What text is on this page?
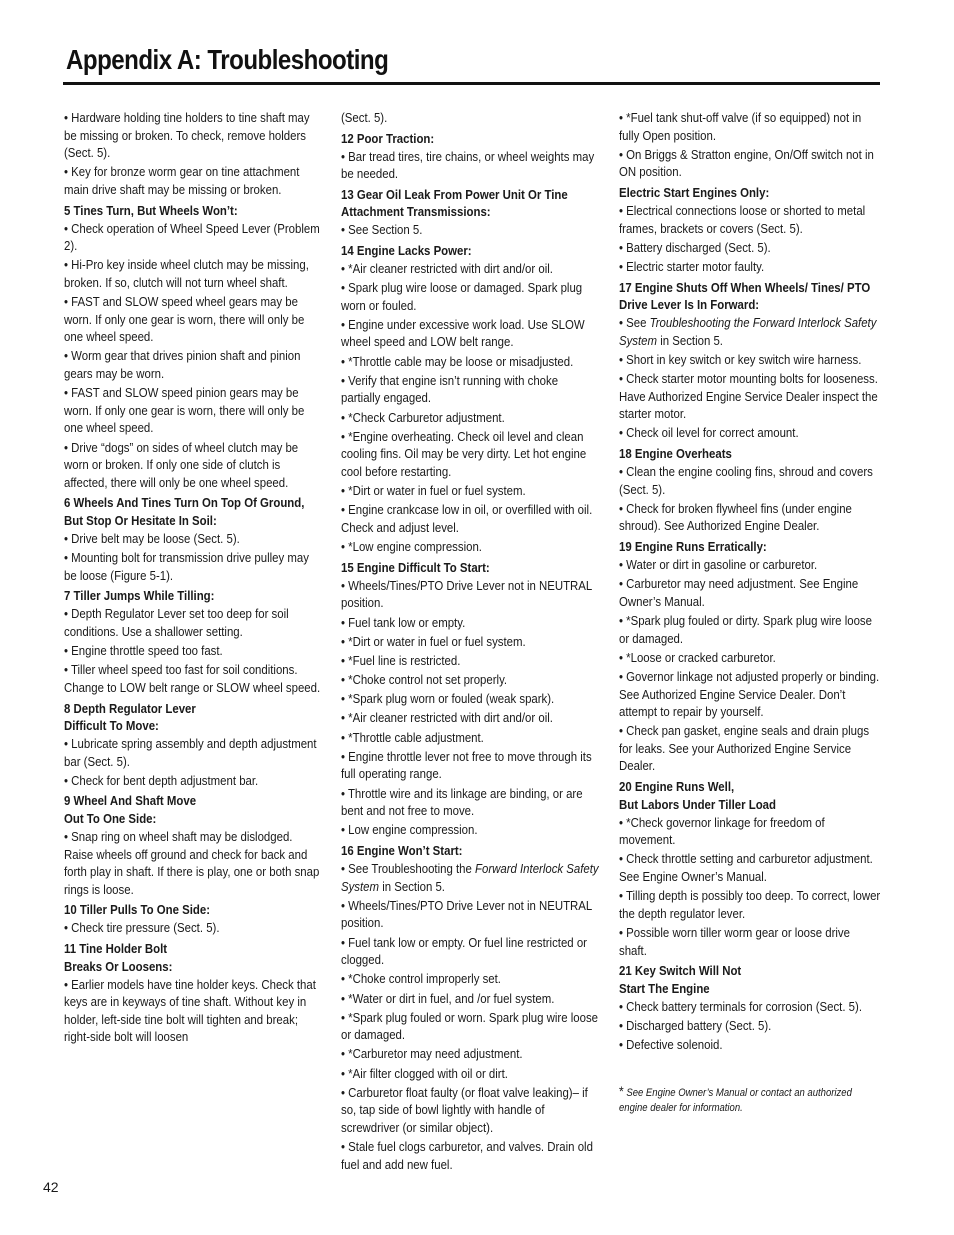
Appendix A: Troubleshooting

• Hardware holding tine holders to tine shaft may be missing or broken. To check, remove holders (Sect. 5).

• Key for bronze worm gear on tine attachment main drive shaft may be missing or broken.

5 Tines Turn, But Wheels Won’t:

• Check operation of Wheel Speed Lever (Problem 2).

• Hi-Pro key inside wheel clutch may be missing, broken. If so, clutch will not turn wheel shaft.

• FAST and SLOW speed wheel gears may be worn. If only one gear is worn, there will only be one wheel speed.

• Worm gear that drives pinion shaft and pinion gears may be worn.

• FAST and SLOW speed pinion gears may be worn. If only one gear is worn, there will only be one wheel speed.

• Drive “dogs” on sides of wheel clutch may be worn or broken. If only one side of clutch is affected, there will only be one wheel speed.

6 Wheels And Tines Turn On Top Of Ground, But Stop Or Hesitate In Soil:

• Drive belt may be loose (Sect. 5).

• Mounting bolt for transmission drive pulley may be loose (Figure 5-1).

7 Tiller Jumps While Tilling:

• Depth Regulator Lever set too deep for soil conditions. Use a shallower setting.

• Engine throttle speed too fast.

• Tiller wheel speed too fast for soil conditions. Change to LOW belt range or SLOW wheel speed.

8 Depth Regulator Lever

Difficult To Move:

• Lubricate spring assembly and depth adjustment bar (Sect. 5).

• Check for bent depth adjustment bar.

9 Wheel And Shaft Move

Out To One Side:

• Snap ring on wheel shaft may be dislodged. Raise wheels off ground and check for back and forth play in shaft. If there is play, one or both snap rings is loose.

10 Tiller Pulls To One Side:

• Check tire pressure (Sect. 5).

11 Tine Holder Bolt

Breaks Or Loosens:

• Earlier models have tine holder keys. Check that keys are in keyways of tine shaft. Without key in holder, left-side tine bolt will tighten and break; right-side bolt will loosen

(Sect. 5).

12 Poor Traction:

• Bar tread tires, tire chains, or wheel weights may be needed.

13 Gear Oil Leak From Power Unit Or Tine Attachment Transmissions:

• See Section 5.

14 Engine Lacks Power:

• *Air cleaner restricted with dirt and/or oil.

• Spark plug wire loose or damaged. Spark plug worn or fouled.

• Engine under excessive work load. Use SLOW wheel speed and LOW belt range.

• *Throttle cable may be loose or misadjusted.

• Verify that engine isn’t running with choke partially engaged.

• *Check Carburetor adjustment.

• *Engine overheating. Check oil level and clean cooling fins. Oil may be very dirty. Let hot engine cool before restarting.

• *Dirt or water in fuel or fuel system.

• Engine crankcase low in oil, or overfilled with oil. Check and adjust level.

• *Low engine compression.

15 Engine Difficult To Start:

• Wheels/Tines/PTO Drive Lever not in NEUTRAL position.

• Fuel tank low or empty.

• *Dirt or water in fuel or fuel system.

• *Fuel line is restricted.

• *Choke control not set properly.

• *Spark plug worn or fouled (weak spark).

• *Air cleaner restricted with dirt and/or oil.

• *Throttle cable adjustment.

• Engine throttle lever not free to move through its full operating range.

• Throttle wire and its linkage are binding, or are bent and not free to move.

• Low engine compression.

16 Engine Won’t Start:

• See Troubleshooting the Forward Interlock Safety System in Section 5.

• Wheels/Tines/PTO Drive Lever not in NEUTRAL position.

• Fuel tank low or empty. Or fuel line restricted or clogged.

• *Choke control improperly set.

• *Water or dirt in fuel, and /or fuel system.

• *Spark plug fouled or worn. Spark plug wire loose or damaged.

• *Carburetor may need adjustment.

• *Air filter clogged with oil or dirt.

• Carburetor float faulty (or float valve leaking)– if so, tap side of bowl lightly with handle of screwdriver (or similar object).

• Stale fuel clogs carburetor, and valves. Drain old fuel and add new fuel.

• *Fuel tank shut-off valve (if so equipped) not in fully Open position.

• On Briggs & Stratton engine, On/Off switch not in ON position.

Electric Start Engines Only:

• Electrical connections loose or shorted to metal frames, brackets or covers (Sect. 5).

• Battery discharged (Sect. 5).

• Electric starter motor faulty.

17 Engine Shuts Off When Wheels/ Tines/ PTO Drive Lever Is In Forward:

• See Troubleshooting the Forward Interlock Safety System in Section 5.

• Short in key switch or key switch wire harness.

• Check starter motor mounting bolts for looseness. Have Authorized Engine Service Dealer inspect the starter motor.

• Check oil level for correct amount.

18 Engine Overheats

• Clean the engine cooling fins, shroud and covers (Sect. 5).

• Check for broken flywheel fins (under engine shroud). See Authorized Engine Dealer.

19 Engine Runs Erratically:

• Water or dirt in gasoline or carburetor.

• Carburetor may need adjustment. See Engine Owner’s Manual.

• *Spark plug fouled or dirty. Spark plug wire loose or damaged.

• *Loose or cracked carburetor.

• Governor linkage not adjusted properly or binding. See Authorized Engine Service Dealer. Don’t attempt to repair by yourself.

• Check pan gasket, engine seals and drain plugs for leaks. See your Authorized Engine Service Dealer.

20 Engine Runs Well,

But Labors Under Tiller Load

• *Check governor linkage for freedom of movement.

• Check throttle setting and carburetor adjustment. See Engine Owner’s Manual.

• Tilling depth is possibly too deep. To correct, lower the depth regulator lever.

• Possible worn tiller worm gear or loose drive shaft.

21 Key Switch Will Not

Start The Engine

• Check battery terminals for corrosion (Sect. 5).

• Discharged battery (Sect. 5).

• Defective solenoid.

* See Engine Owner’s Manual or contact an authorized engine dealer for information.

42
